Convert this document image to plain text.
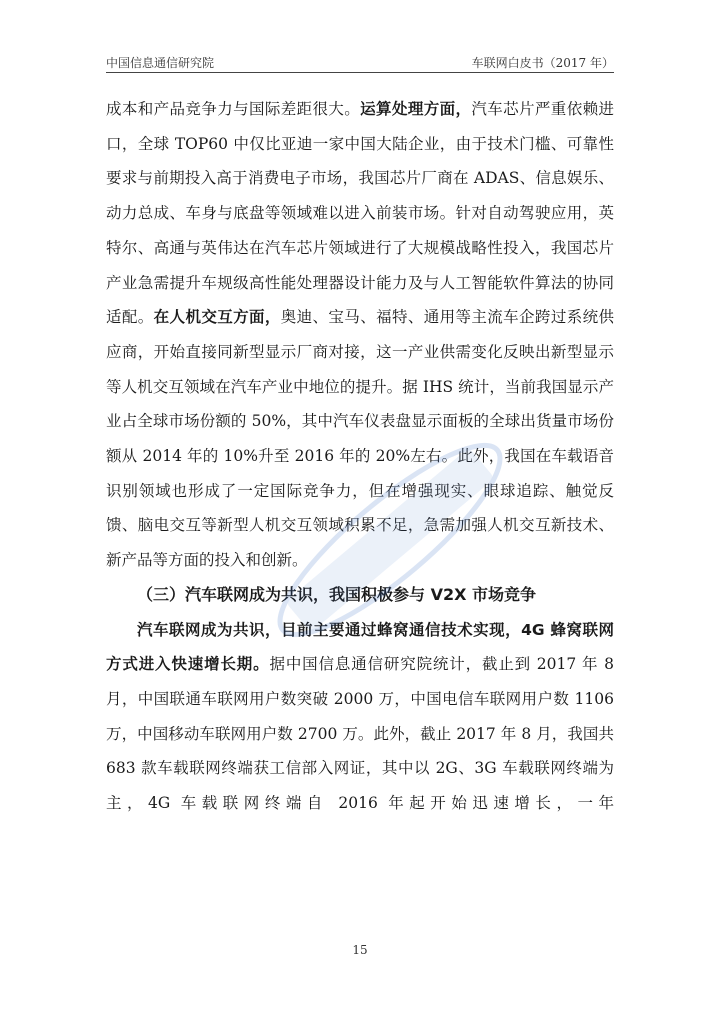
中国信息通信研究院	车联网白皮书（2017 年）

成本和产品竞争力与国际差距很大。运算处理方面，汽车芯片严重依赖进口，全球 TOP60 中仅比亚迪一家中国大陆企业，由于技术门槛、可靠性要求与前期投入高于消费电子市场，我国芯片厂商在 ADAS、信息娱乐、动力总成、车身与底盘等领域难以进入前装市场。针对自动驾驶应用，英特尔、高通与英伟达在汽车芯片领域进行了大规模战略性投入，我国芯片产业急需提升车规级高性能处理器设计能力及与人工智能软件算法的协同适配。在人机交互方面，奥迪、宝马、福特、通用等主流车企跨过系统供应商，开始直接同新型显示厂商对接，这一产业供需变化反映出新型显示等人机交互领域在汽车产业中地位的提升。据 IHS 统计，当前我国显示产业占全球市场份额的 50%，其中汽车仪表盘显示面板的全球出货量市场份额从 2014 年的 10%升至 2016 年的 20%左右。此外，我国在车载语音识别领域也形成了一定国际竞争力，但在增强现实、眼球追踪、触觉反馈、脑电交互等新型人机交互领域积累不足，急需加强人机交互新技术、新产品等方面的投入和创新。

（三）汽车联网成为共识，我国积极参与 V2X 市场竞争

汽车联网成为共识，目前主要通过蜂窝通信技术实现，4G 蜂窝联网方式进入快速增长期。据中国信息通信研究院统计，截止到 2017 年 8 月，中国联通车联网用户数突破 2000 万，中国电信车联网用户数 1106 万，中国移动车联网用户数 2700 万。此外，截止 2017 年 8 月，我国共 683 款车载联网终端获工信部入网证，其中以 2G、3G 车载联网终端为主，4G 车载联网终端自 2016 年起开始迅速增长，一年

15
